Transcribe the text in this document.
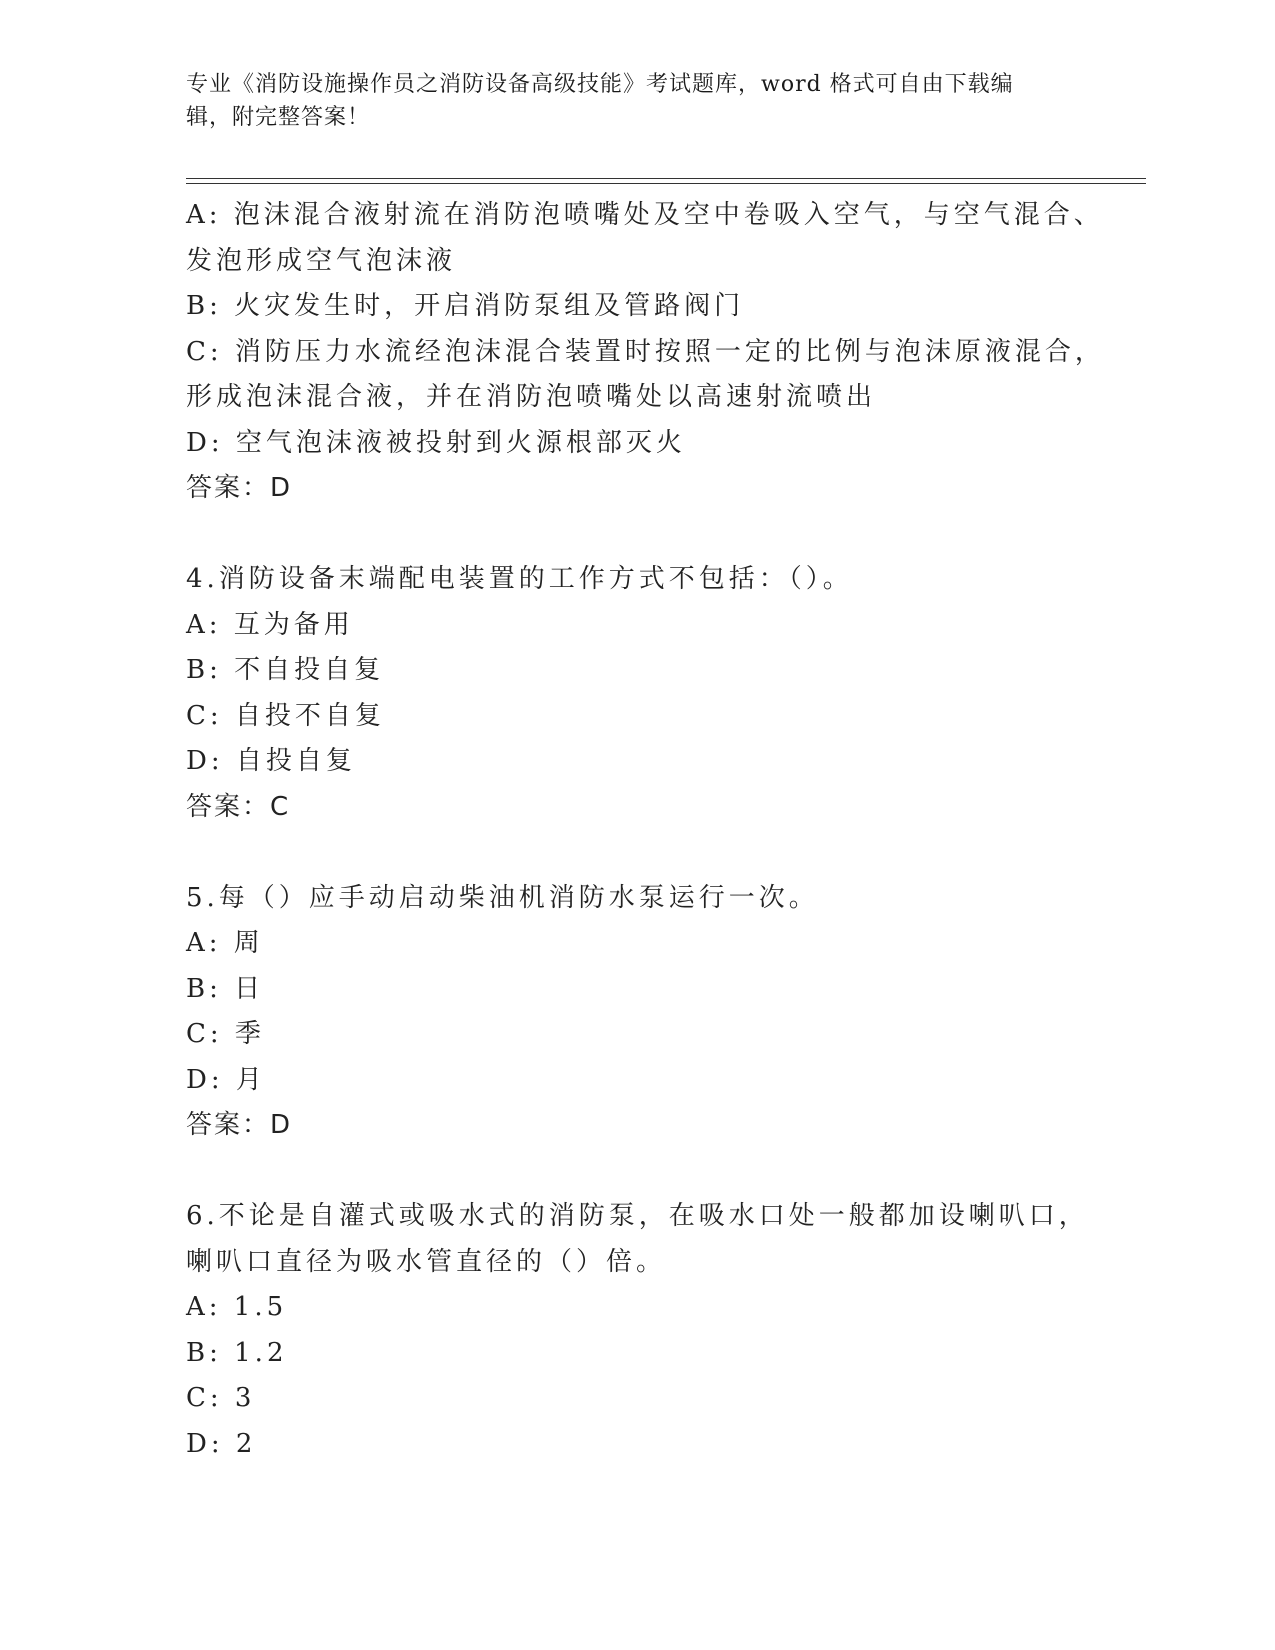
专业《消防设施操作员之消防设备高级技能》考试题库，word 格式可自由下载编
辑，附完整答案！
A: 泡沫混合液射流在消防泡喷嘴处及空中卷吸入空气，与空气混合、
发泡形成空气泡沫液
B: 火灾发生时，开启消防泵组及管路阀门
C: 消防压力水流经泡沫混合装置时按照一定的比例与泡沫原液混合，
形成泡沫混合液，并在消防泡喷嘴处以高速射流喷出
D: 空气泡沫液被投射到火源根部灭火
答案：D
4.消防设备末端配电装置的工作方式不包括：（）。
A: 互为备用
B: 不自投自复
C: 自投不自复
D: 自投自复
答案：C
5.每（）应手动启动柴油机消防水泵运行一次。
A: 周
B: 日
C: 季
D: 月
答案：D
6.不论是自灌式或吸水式的消防泵，在吸水口处一般都加设喇叭口，
喇叭口直径为吸水管直径的（）倍。
A: 1.5
B: 1.2
C: 3
D: 2
